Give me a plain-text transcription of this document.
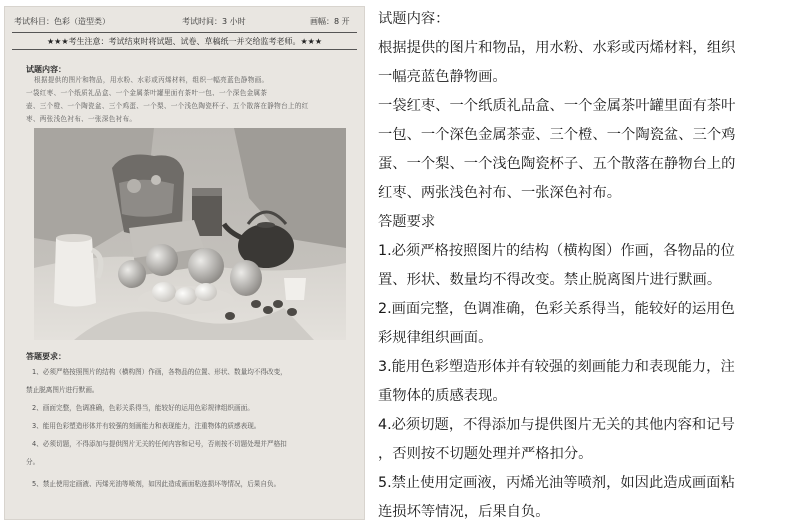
考试科目：色彩（造型类）	考试时间：3 小时	画幅：8 开
★★★考生注意：考试结束时将试题、试卷、草稿纸一并交给监考老师。★★★
试题内容：
根据提供的图片和物品，用水粉、水彩或丙烯材料，组织一幅亮蓝色静物画。
一袋红枣、一个纸质礼品盒、一个金属茶叶罐里面有茶叶一包、一个深色金属茶
壶、三个橙、一个陶瓷盆、三个鸡蛋、一个梨、一个浅色陶瓷杯子、五个散落在静物台上的红
枣、两张浅色衬布、一张深色衬布。
答题要求：
1、必须严格按照图片的结构（横构图）作画，各物品的位置、形状、数量均不得改变，
禁止脱离图片进行默画。
2、画面完整，色调准确，色彩关系得当，能较好的运用色彩规律组织画面。
3、能用色彩塑造形体并有较强的刻画能力和表现能力，注重物体的质感表现。
4、必须切题，不得添加与提供图片无关的任何内容和记号，否则按不切题处理并严格扣
分。
5、禁止使用定画液、丙烯光油等喷剂，如因此造成画面粘连损坏等情况，后果自负。
试题内容：
根据提供的图片和物品，用水粉、水彩或丙烯材料，组织
一幅亮蓝色静物画。
一袋红枣、一个纸质礼品盒、一个金属茶叶罐里面有茶叶
一包、一个深色金属茶壶、三个橙、一个陶瓷盆、三个鸡
蛋、一个梨、一个浅色陶瓷杯子、五个散落在静物台上的
红枣、两张浅色衬布、一张深色衬布。
答题要求
1.必须严格按照图片的结构（横构图）作画，各物品的位
置、形状、数量均不得改变。禁止脱离图片进行默画。
2.画面完整，色调准确，色彩关系得当，能较好的运用色
彩规律组织画面。
3.能用色彩塑造形体并有较强的刻画能力和表现能力，注
重物体的质感表现。
4.必须切题，不得添加与提供图片无关的其他内容和记号
，否则按不切题处理并严格扣分。
5.禁止使用定画液，丙烯光油等喷剂，如因此造成画面粘
连损坏等情况，后果自负。
